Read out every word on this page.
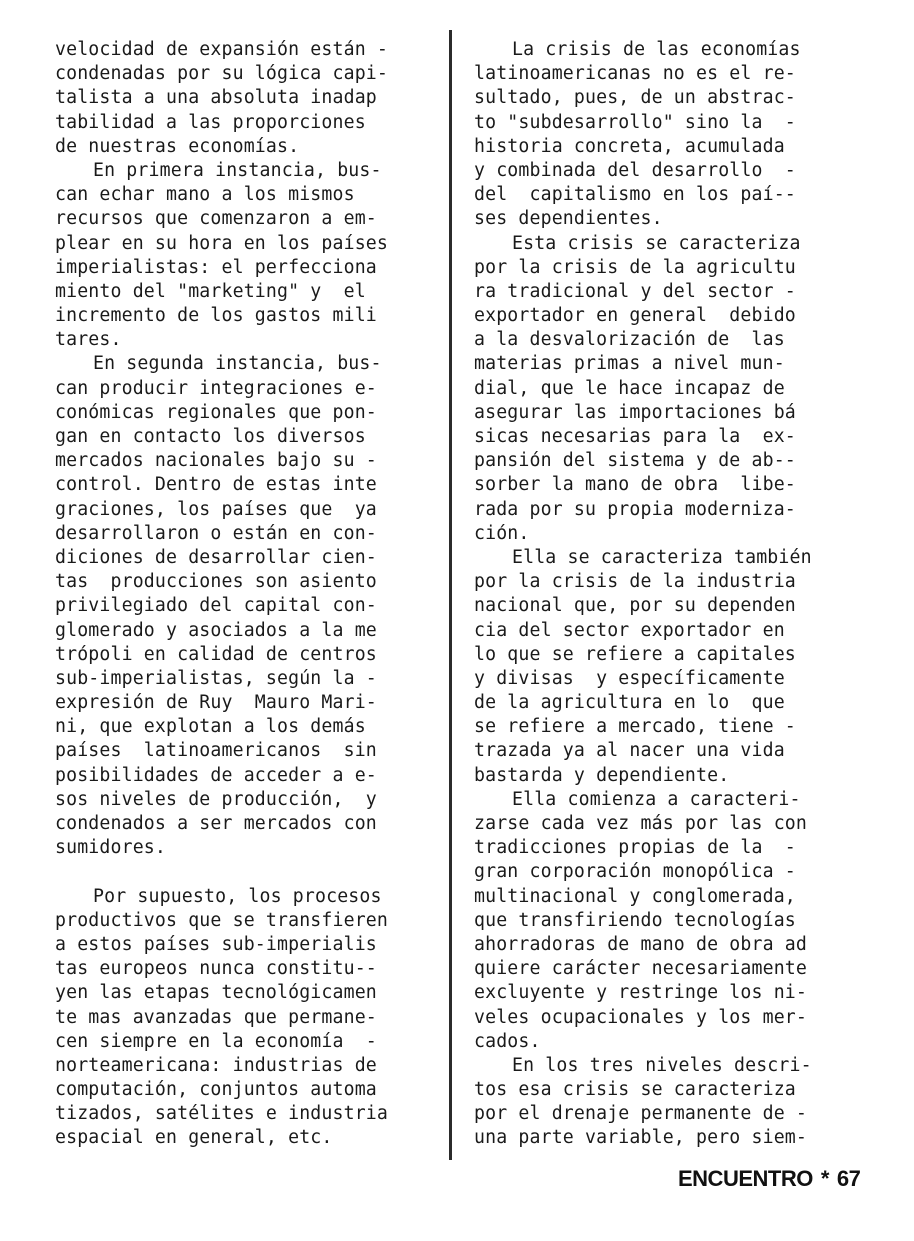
velocidad de expansión están -
condenadas por su lógica capi-
talista a una absoluta inadap
tabilidad a las proporciones
de nuestras economías.
En primera instancia, bus-
can echar mano a los mismos
recursos que comenzaron a em-
plear en su hora en los países
imperialistas: el perfecciona
miento del "marketing" y  el
incremento de los gastos mili
tares.
En segunda instancia, bus-
can producir integraciones e-
conómicas regionales que pon-
gan en contacto los diversos
mercados nacionales bajo su -
control. Dentro de estas inte
graciones, los países que  ya
desarrollaron o están en con-
diciones de desarrollar cien-
tas  producciones son asiento
privilegiado del capital con-
glomerado y asociados a la me
trópoli en calidad de centros
sub-imperialistas, según la -
expresión de Ruy  Mauro Mari-
ni, que explotan a los demás
países  latinoamericanos  sin
posibilidades de acceder a e-
sos niveles de producción,  y
condenados a ser mercados con
sumidores.
Por supuesto, los procesos
productivos que se transfieren
a estos países sub-imperialis
tas europeos nunca constitu--
yen las etapas tecnológicamen
te mas avanzadas que permane-
cen siempre en la economía  -
norteamericana: industrias de
computación, conjuntos automa
tizados, satélites e industria
espacial en general, etc.
La crisis de las economías
latinoamericanas no es el re-
sultado, pues, de un abstrac-
to "subdesarrollo" sino la  -
historia concreta, acumulada
y combinada del desarrollo  -
del  capitalismo en los paí--
ses dependientes.
Esta crisis se caracteriza
por la crisis de la agricultu
ra tradicional y del sector -
exportador en general  debido
a la desvalorización de  las
materias primas a nivel mun-
dial, que le hace incapaz de
asegurar las importaciones bá
sicas necesarias para la  ex-
pansión del sistema y de ab--
sorber la mano de obra  libe-
rada por su propia moderniza-
ción.
Ella se caracteriza también
por la crisis de la industria
nacional que, por su dependen
cia del sector exportador en
lo que se refiere a capitales
y divisas  y específicamente
de la agricultura en lo  que
se refiere a mercado, tiene -
trazada ya al nacer una vida
bastarda y dependiente.
Ella comienza a caracteri-
zarse cada vez más por las con
tradicciones propias de la  -
gran corporación monopólica -
multinacional y conglomerada,
que transfiriendo tecnologías
ahorradoras de mano de obra ad
quiere carácter necesariamente
excluyente y restringe los ni-
veles ocupacionales y los mer-
cados.
En los tres niveles descri-
tos esa crisis se caracteriza
por el drenaje permanente de -
una parte variable, pero siem-
ENCUENTRO * 67
